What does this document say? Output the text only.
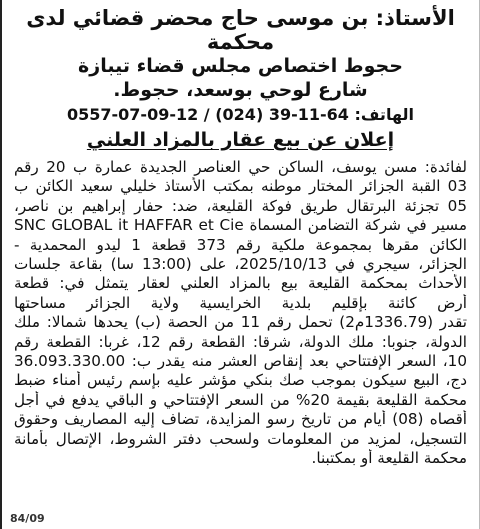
الأستاذ: بن موسى حاج محضر قضائي لدى محكمة
حجوط اختصاص مجلس قضاء تيبازة
شارع لوحي بوسعد، حجوط.
الهاتف: 64-11-39 (024) / 12-09-07-0557
إعلان عن بيع عقار بالمزاد العلني
لفائدة: مسن يوسف، الساكن حي العناصر الجديدة عمارة ب 20 رقم
03 القبة الجزائر المختار موطنه بمكتب الأستاذ خليلي سعيد الكائن ب
05 تجزئة البرتقال طريق فوكة القليعة، ضد: حفار إبراهيم بن ناصر،
مسير في شركة التضامن المسماة SNC GLOBAL it HAFFAR et Cie
الكائن مقرها بمجموعة ملكية رقم 373 قطعة 1 ليدو المحمدية -
الجزائر، سيجري في 2025/10/13، على (13:00 سا) بقاعة جلسات
الأحداث بمحكمة القليعة بيع بالمزاد العلني لعقار يتمثل في: قطعة
أرض كائنة بإقليم بلدية الخرايسية ولاية الجزائر مساحتها
تقدر (1336.79م2) تحمل رقم 11 من الحصة (ب) يحدها شمالا: ملك
الدولة، جنوبا: ملك الدولة، شرقا: القطعة رقم 12، غربا: القطعة رقم
10، السعر الإفتتاحي بعد إنقاص العشر منه يقدر ب: 36.093.330.00
دج، البيع سيكون بموجب صك بنكي مؤشر عليه بإسم رئيس أمناء ضبط
محكمة القليعة بقيمة 20% من السعر الإفتتاحي و الباقي يدفع في أجل
أقصاه (08) أيام من تاريخ رسو المزايدة، تضاف إليه المصاريف وحقوق
التسجيل، لمزيد من المعلومات ولسحب دفتر الشروط، الإتصال بأمانة
محكمة القليعة أو بمكتبنا.
84/09
